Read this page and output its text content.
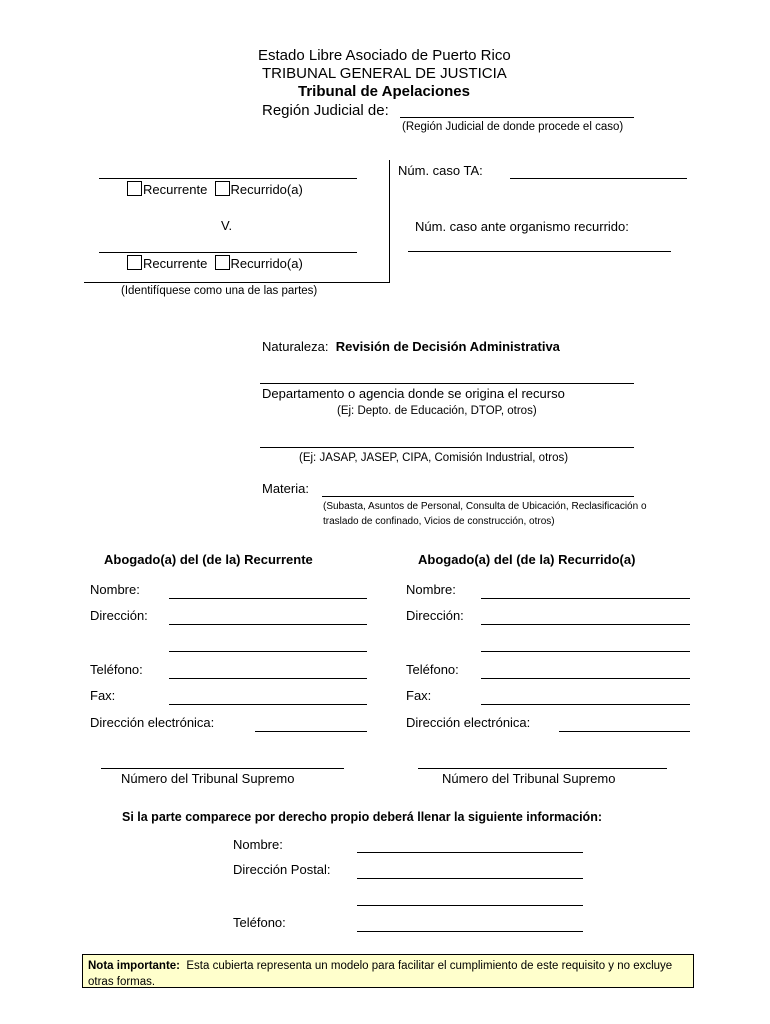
Estado Libre Asociado de Puerto Rico
TRIBUNAL GENERAL DE JUSTICIA
Tribunal de Apelaciones
Región Judicial de:
(Región Judicial de donde procede el caso)
Recurrente Recurrido(a)
V.
Recurrente Recurrido(a)
(Identifíquese como una de las partes)
Núm. caso TA:
Núm. caso ante organismo recurrido:
Naturaleza: Revisión de Decisión Administrativa
Departamento o agencia donde se origina el recurso
(Ej: Depto. de Educación, DTOP, otros)
(Ej: JASAP, JASEP, CIPA, Comisión Industrial, otros)
Materia:
(Subasta, Asuntos de Personal, Consulta de Ubicación, Reclasificación o
traslado de confinado, Vicios de construcción, otros)
Abogado(a) del (de la) Recurrente
Nombre:
Dirección:
Teléfono:
Fax:
Dirección electrónica:
Número del Tribunal Supremo
Abogado(a) del (de la) Recurrido(a)
Nombre:
Dirección:
Teléfono:
Fax:
Dirección electrónica:
Número del Tribunal Supremo
Si la parte comparece por derecho propio deberá llenar la siguiente información:
Nombre:
Dirección Postal:
Teléfono:
Nota importante: Esta cubierta representa un modelo para facilitar el cumplimiento de este requisito y no excluye otras formas.
